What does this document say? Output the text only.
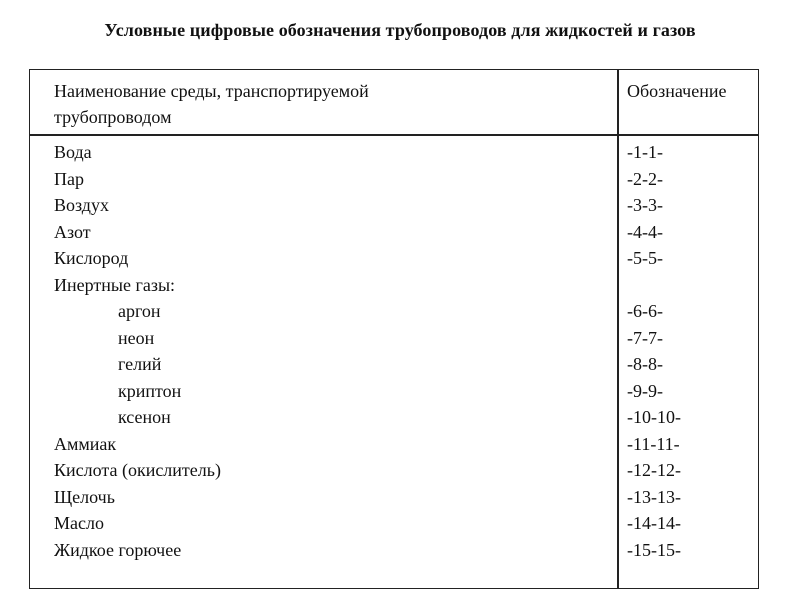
Условные цифровые обозначения трубопроводов для жидкостей и газов
Наименование среды, транспортируемой
трубопроводом
Обозначение
Вода
Пар
Воздух
Азот
Кислород
Инертные газы:
аргон
неон
гелий
криптон
ксенон
Аммиак
Кислота (окислитель)
Щелочь
Масло
Жидкое горючее
-1-1-
-2-2-
-3-3-
-4-4-
-5-5-
-6-6-
-7-7-
-8-8-
-9-9-
-10-10-
-11-11-
-12-12-
-13-13-
-14-14-
-15-15-
